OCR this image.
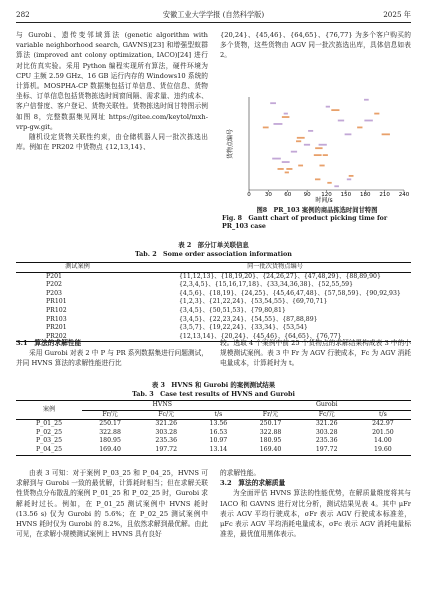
282	安徽工业大学学报 (自然科学版)	2025 年

与 Gurobi、遗传变邻域算法 (genetic algorithm with variable neighborhood search, GAVNS)[23] 和增强型蚁群算法 (improved ant colony optimization, IACO)[24] 进行对比仿真实验。采用 Python 编程实现所有算法，硬件环境为 CPU 主频 2.59 GHz、16 GB 运行内存的 Windows10 系统的计算机。MOSPHA-CP 数据集包括订单信息、货位信息、货物坐标、订单信息包括货物拣选时间窗间隔、需求量、违约成本、客户信誉度、客户登记、货物关联性。货物拣选时间甘特图示例如图 8，完整数据集见网址 https://gitee.com/keytol/mxh-vrp-gw.git。

随机设定货物关联性约束，由仓储机器人同一批次拣选出库。例如在 PR202 中货物点 {12,13,14}、

{20,24}、{45,46}、{64,65}、{76,77} 为多个客户购买的多个货物，这些货物由 AGV 同一批次拣选出库，具体信息如表 2。

0	30 60 90 120 150 180 210 240
时间/s
货物点编号
图8　PR_103 案例的商品拣选时间甘特图
Fig. 8　Gantt chart of product picking time for PR_103 case
表 2　部分订单关联信息
Tab. 2　Some order association information
测试案例	同一批次货物点编号
P201	{11,12,13}、{18,19,20}、{24,26,27}、{47,48,29}、{88,89,90}
P202	{2,3,4,5}、{15,16,17,18}、{33,34,36,38}、{52,55,59}
P203	{4,5,6}、{18,19}、{24,25}、{45,46,47,48}、{57,58,59}、{90,92,93}
PR101	{1,2,3}、{21,22,24}、{53,54,55}、{69,70,71}
PR102	{3,4,5}、{50,51,53}、{79,80,81}
PR103	{3,4,5}、{22,23,24}、{54,55}、{87,88,89}
PR201	{3,5,7}、{19,22,24}、{33,34}、{53,54}
PR202	{12,13,14}、{20,24}、{45,46}、{64,65}、{76,77}

3.1　算法的求解性能

采用 Gurobi 对表 2 中 P 与 PR 系列数据集进行问题测试，并同 HVNS 算法的求解性能进行比

较。选取 4 个案例中前 25 个货物点的求解结果构成表 3 中的小规模测试案例。表 3 中 Fr 为 AGV 行驶成本，Fc 为 AGV 消耗电量成本，计算耗时为 t。

表 3　HVNS 和 Gurobi 的案例测试结果
Tab. 3　Case test results of HVNS and Gurobi
案例	HVNS			Gurobi		
	Fr/元	Fc/元	t/s	Fr/元	Fc/元	t/s
P_01_25	250.17	321.26	13.56	250.17	321.26	242.97
P_02_25	322.88	303.28	16.53	322.88	303.28	201.50
P_03_25	180.95	235.36	10.97	180.95	235.36	14.00
P_04_25	169.40	197.72	13.14	169.40	197.72	19.60

由表 3 可知：对于案例 P_03_25 和 P_04_25，HVNS 可求解到与 Gurobi 一致的最优解，计算耗时相当；但在求解关联性货物点分布散乱的案例 P_01_25 和 P_02_25 时，Gurobi 求解耗时过长。例如，在 P_01_25 测试案例中 HVNS 耗时 (13.56 s) 仅为 Gurobi 的 5.6%；在 P_02_25 测试案例中 HVNS 耗时仅为 Gurobi 的 8.2%，且依然求解到最优解。由此可见，在求解小规模测试案例上 HVNS 具有良好

的求解性能。

3.2　算法的求解质量

为全面评估 HVNS 算法的性能优势，在解质量维度将其与 IACO 和 GAVNS 进行对比分析，测试结果见表 4。其中 μFr 表示 AGV 平均行驶成本，σFr 表示 AGV 行驶成本标准差，μFc 表示 AGV 平均消耗电量成本，σFc 表示 AGV 消耗电量标准差，最优值用黑体表示。
